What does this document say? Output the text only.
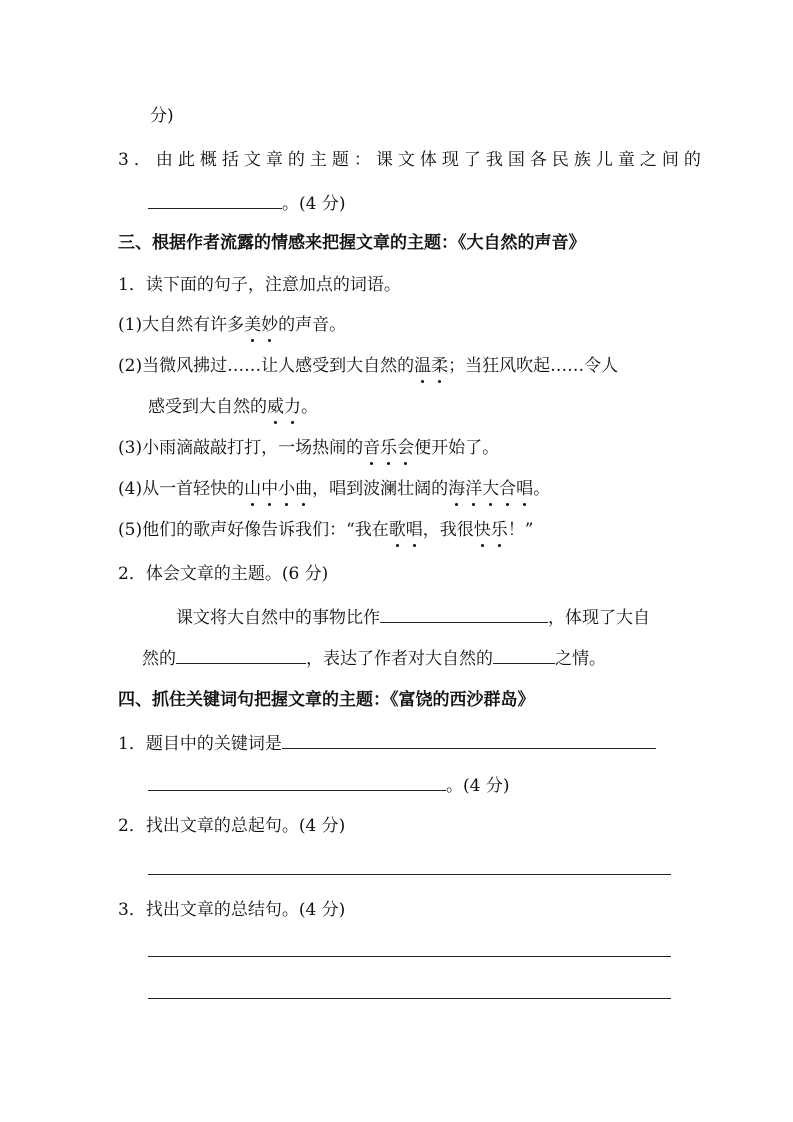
分)
3．由此概括文章的主题：课文体现了我国各民族儿童之间的
。(4 分)
三、根据作者流露的情感来把握文章的主题：《大自然的声音》
1．读下面的句子，注意加点的词语。
(1)大自然有许多美妙的声音。
(2)当微风拂过……让人感受到大自然的温柔；当狂风吹起……令人
感受到大自然的威力。
(3)小雨滴敲敲打打，一场热闹的音乐会便开始了。
(4)从一首轻快的山中小曲，唱到波澜壮阔的海洋大合唱。
(5)他们的歌声好像告诉我们：“我在歌唱，我很快乐！”
2．体会文章的主题。(6 分)
课文将大自然中的事物比作	，体现了大自
然的	，表达了作者对大自然的	之情。
四、抓住关键词句把握文章的主题：《富饶的西沙群岛》
1．题目中的关键词是
。(4 分)
2．找出文章的总起句。(4 分)
3．找出文章的总结句。(4 分)
